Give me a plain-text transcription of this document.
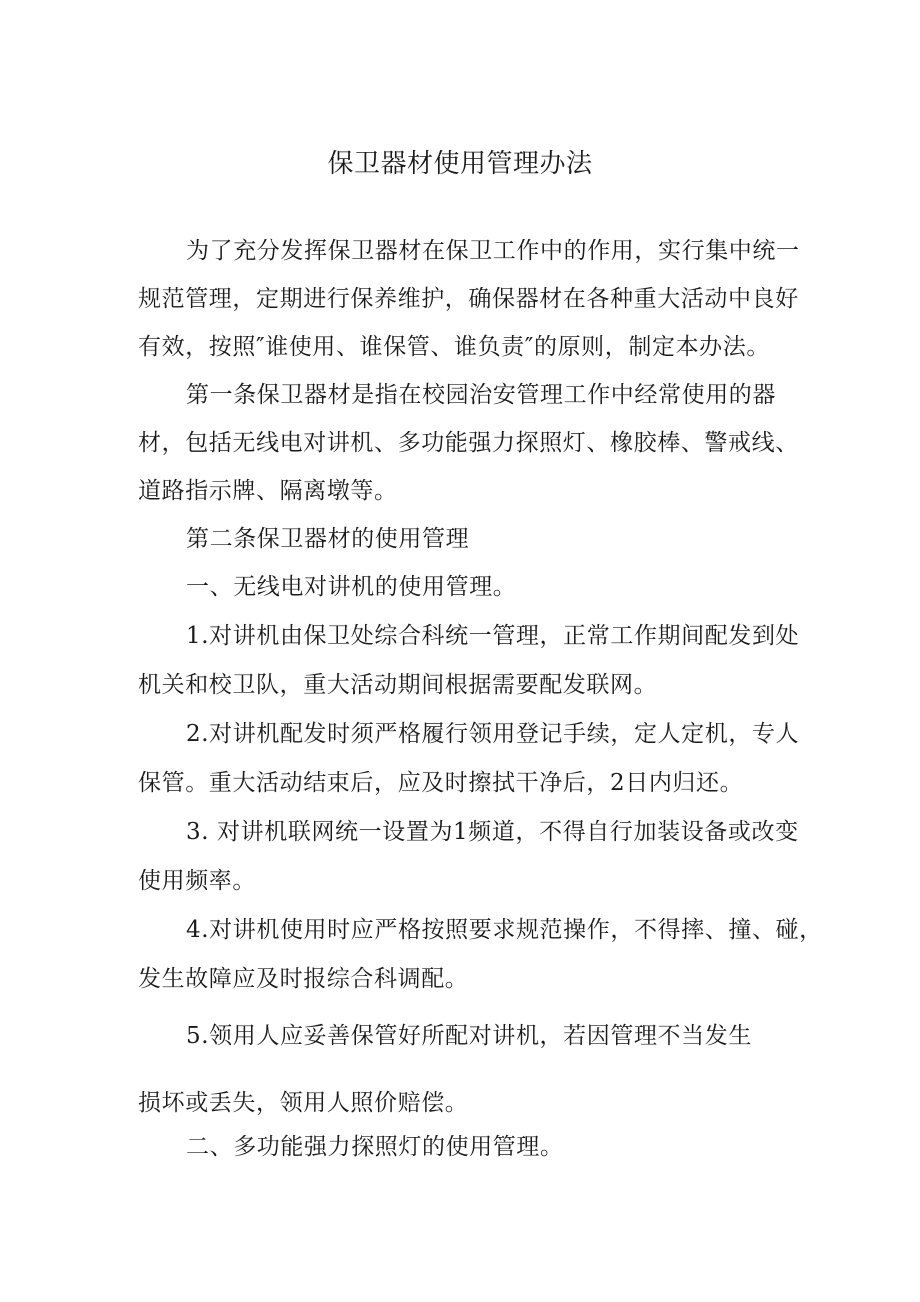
保卫器材使用管理办法
为了充分发挥保卫器材在保卫工作中的作用，实行集中统一
规范管理，定期进行保养维护，确保器材在各种重大活动中良好
有效，按照″谁使用、谁保管、谁负责″的原则，制定本办法。
第一条保卫器材是指在校园治安管理工作中经常使用的器
材，包括无线电对讲机、多功能强力探照灯、橡胶棒、警戒线、
道路指示牌、隔离墩等。
第二条保卫器材的使用管理
一、无线电对讲机的使用管理。
1.对讲机由保卫处综合科统一管理，正常工作期间配发到处
机关和校卫队，重大活动期间根据需要配发联网。
2.对讲机配发时须严格履行领用登记手续，定人定机，专人
保管。重大活动结束后，应及时擦拭干净后，2日内归还。
3. 对讲机联网统一设置为1频道，不得自行加装设备或改变
使用频率。
4.对讲机使用时应严格按照要求规范操作，不得摔、撞、碰，
发生故障应及时报综合科调配。
5.领用人应妥善保管好所配对讲机，若因管理不当发生
损坏或丢失，领用人照价赔偿。
二、多功能强力探照灯的使用管理。
